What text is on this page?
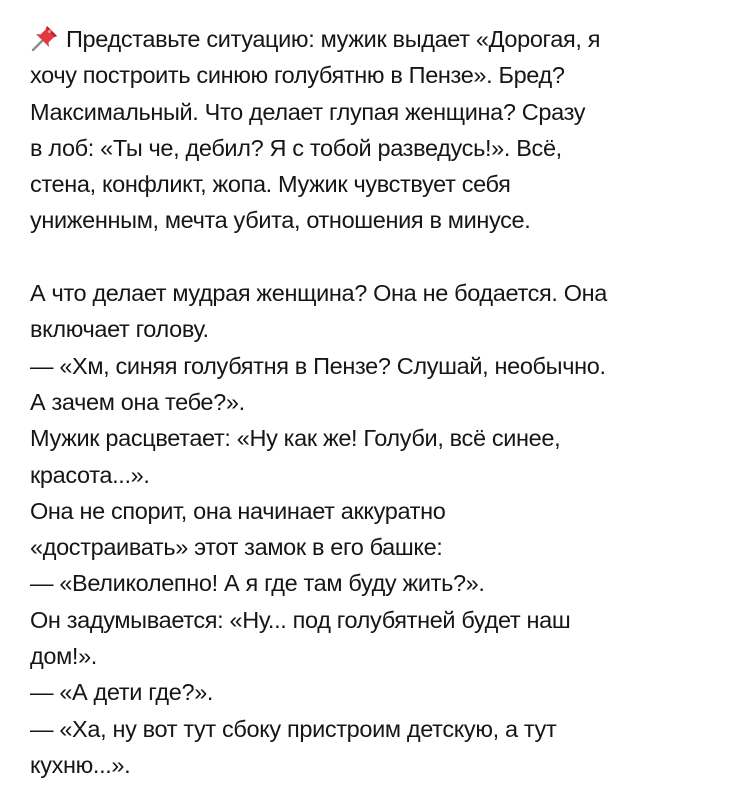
Представьте ситуацию: мужик выдает «Дорогая, я
хочу построить синюю голубятню в Пензе». Бред?
Максимальный. Что делает глупая женщина? Сразу
в лоб: «Ты че, дебил? Я с тобой разведусь!». Всё,
стена, конфликт, жопа. Мужик чувствует себя
униженным, мечта убита, отношения в минусе.
А что делает мудрая женщина? Она не бодается. Она
включает голову.
— «Хм, синяя голубятня в Пензе? Слушай, необычно.
А зачем она тебе?».
Мужик расцветает: «Ну как же! Голуби, всё синее,
красота...».
Она не спорит, она начинает аккуратно
«достраивать» этот замок в его башке:
— «Великолепно! А я где там буду жить?».
Он задумывается: «Ну... под голубятней будет наш
дом!».
— «А дети где?».
— «Ха, ну вот тут сбоку пристроим детскую, а тут
кухню...».
